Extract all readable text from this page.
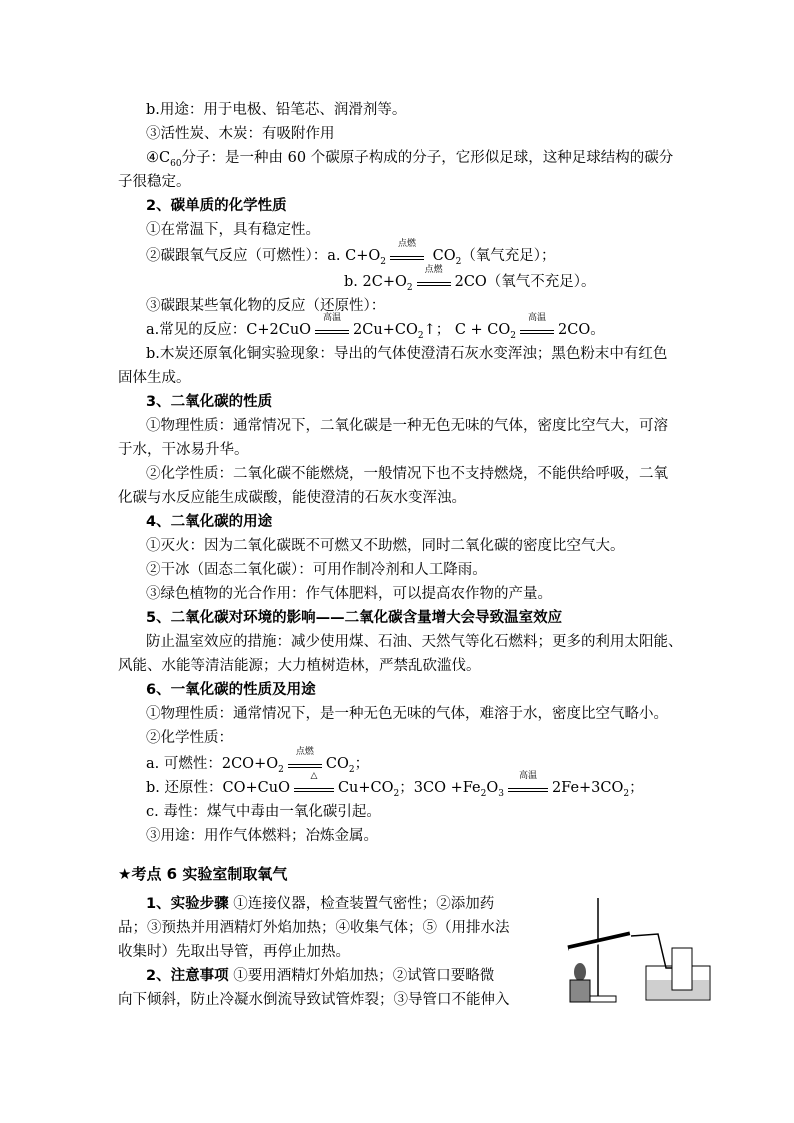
b.用途：用于电极、铅笔芯、润滑剂等。
③活性炭、木炭：有吸附作用
$④C_{60}$分子：是一种由 60 个碳原子构成的分子，它形似足球，这种足球结构的碳分
子很稳定。
2、碳单质的化学性质
①在常温下，具有稳定性。
②碳跟氧气反应（可燃性）：a. $C+O_2$
点燃
$CO_2$（氧气充足）；
b. $2C+O_2$
点燃
2CO（氧气不充足）。
③碳跟某些氧化物的反应（还原性）：
a.常见的反应：C+2CuO
高温
$2Cu+CO_2↑$； $C + CO_2$
高温
2CO。
b.木炭还原氧化铜实验现象：导出的气体使澄清石灰水变浑浊；黑色粉末中有红色
固体生成。
3、二氧化碳的性质
①物理性质：通常情况下，二氧化碳是一种无色无味的气体，密度比空气大，可溶
于水，干冰易升华。
②化学性质：二氧化碳不能燃烧，一般情况下也不支持燃烧，不能供给呼吸，二氧
化碳与水反应能生成碳酸，能使澄清的石灰水变浑浊。
4、二氧化碳的用途
①灭火：因为二氧化碳既不可燃又不助燃，同时二氧化碳的密度比空气大。
②干冰（固态二氧化碳）：可用作制冷剂和人工降雨。
③绿色植物的光合作用：作气体肥料，可以提高农作物的产量。
5、二氧化碳对环境的影响——二氧化碳含量增大会导致温室效应
防止温室效应的措施：减少使用煤、石油、天然气等化石燃料；更多的利用太阳能、
风能、水能等清洁能源；大力植树造林，严禁乱砍滥伐。
6、一氧化碳的性质及用途
①物理性质：通常情况下，是一种无色无味的气体，难溶于水，密度比空气略小。
②化学性质：
a. 可燃性：$2CO+O_2$
点燃
$CO_2$；
b. 还原性：CO+CuO
△
$Cu+CO_2$；$3CO +Fe_2O_3$
高温
$2Fe+3CO_2$；
c. 毒性：煤气中毒由一氧化碳引起。
③用途：用作气体燃料；冶炼金属。
★考点 6 实验室制取氧气
1、实验步骤 ①连接仪器，检查装置气密性；②添加药
品；③预热并用酒精灯外焰加热；④收集气体；⑤（用排水法
收集时）先取出导管，再停止加热。
2、注意事项 ①要用酒精灯外焰加热；②试管口要略微
向下倾斜，防止冷凝水倒流导致试管炸裂；③导管口不能伸入
